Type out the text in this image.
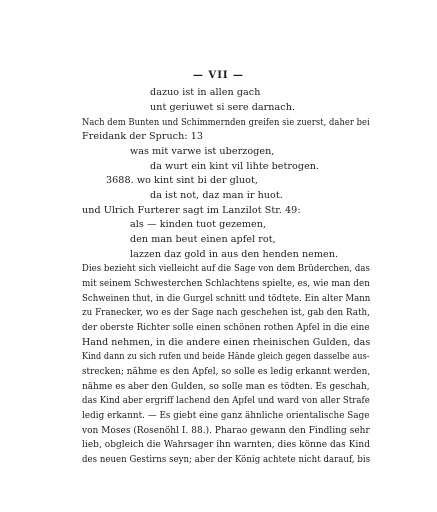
— VII —
dazuo ist in allen gach
unt geriuwet si sere darnach.
Nach dem Bunten und Schimmernden greifen sie zuerst, daher bei
Freidank der Spruch: 13
was mit varwe ist uberzogen,
da wurt ein kint vil lihte betrogen.
3688. wo kint sint bi der gluot,
da ist not, daz man ir huot.
und Ulrich Furterer sagt im Lanzilot Str. 49:
als — kinden tuot gezemen,
den man beut einen apfel rot,
lazzen daz gold in aus den henden nemen.
Dies bezieht sich vielleicht auf die Sage von dem Brüderchen, das
mit seinem Schwesterchen Schlachtens spielte, es, wie man den
Schweinen thut, in die Gurgel schnitt und tödtete. Ein alter Mann
zu Franecker, wo es der Sage nach geschehen ist, gab den Rath,
der oberste Richter solle einen schönen rothen Apfel in die eine
Hand nehmen, in die andere einen rheinischen Gulden, das
Kind dann zu sich rufen und beide Hände gleich gegen dasselbe aus-
strecken; nähme es den Apfel, so solle es ledig erkannt werden,
nähme es aber den Gulden, so solle man es tödten. Es geschah,
das Kind aber ergriff lachend den Apfel und ward von aller Strafe
ledig erkannt. — Es giebt eine ganz ähnliche orientalische Sage
von Moses (Rosenöhl I. 88.). Pharao gewann den Findling sehr
lieb, obgleich die Wahrsager ihn warnten, dies könne das Kind
des neuen Gestirns seyn; aber der König achtete nicht darauf, bis
